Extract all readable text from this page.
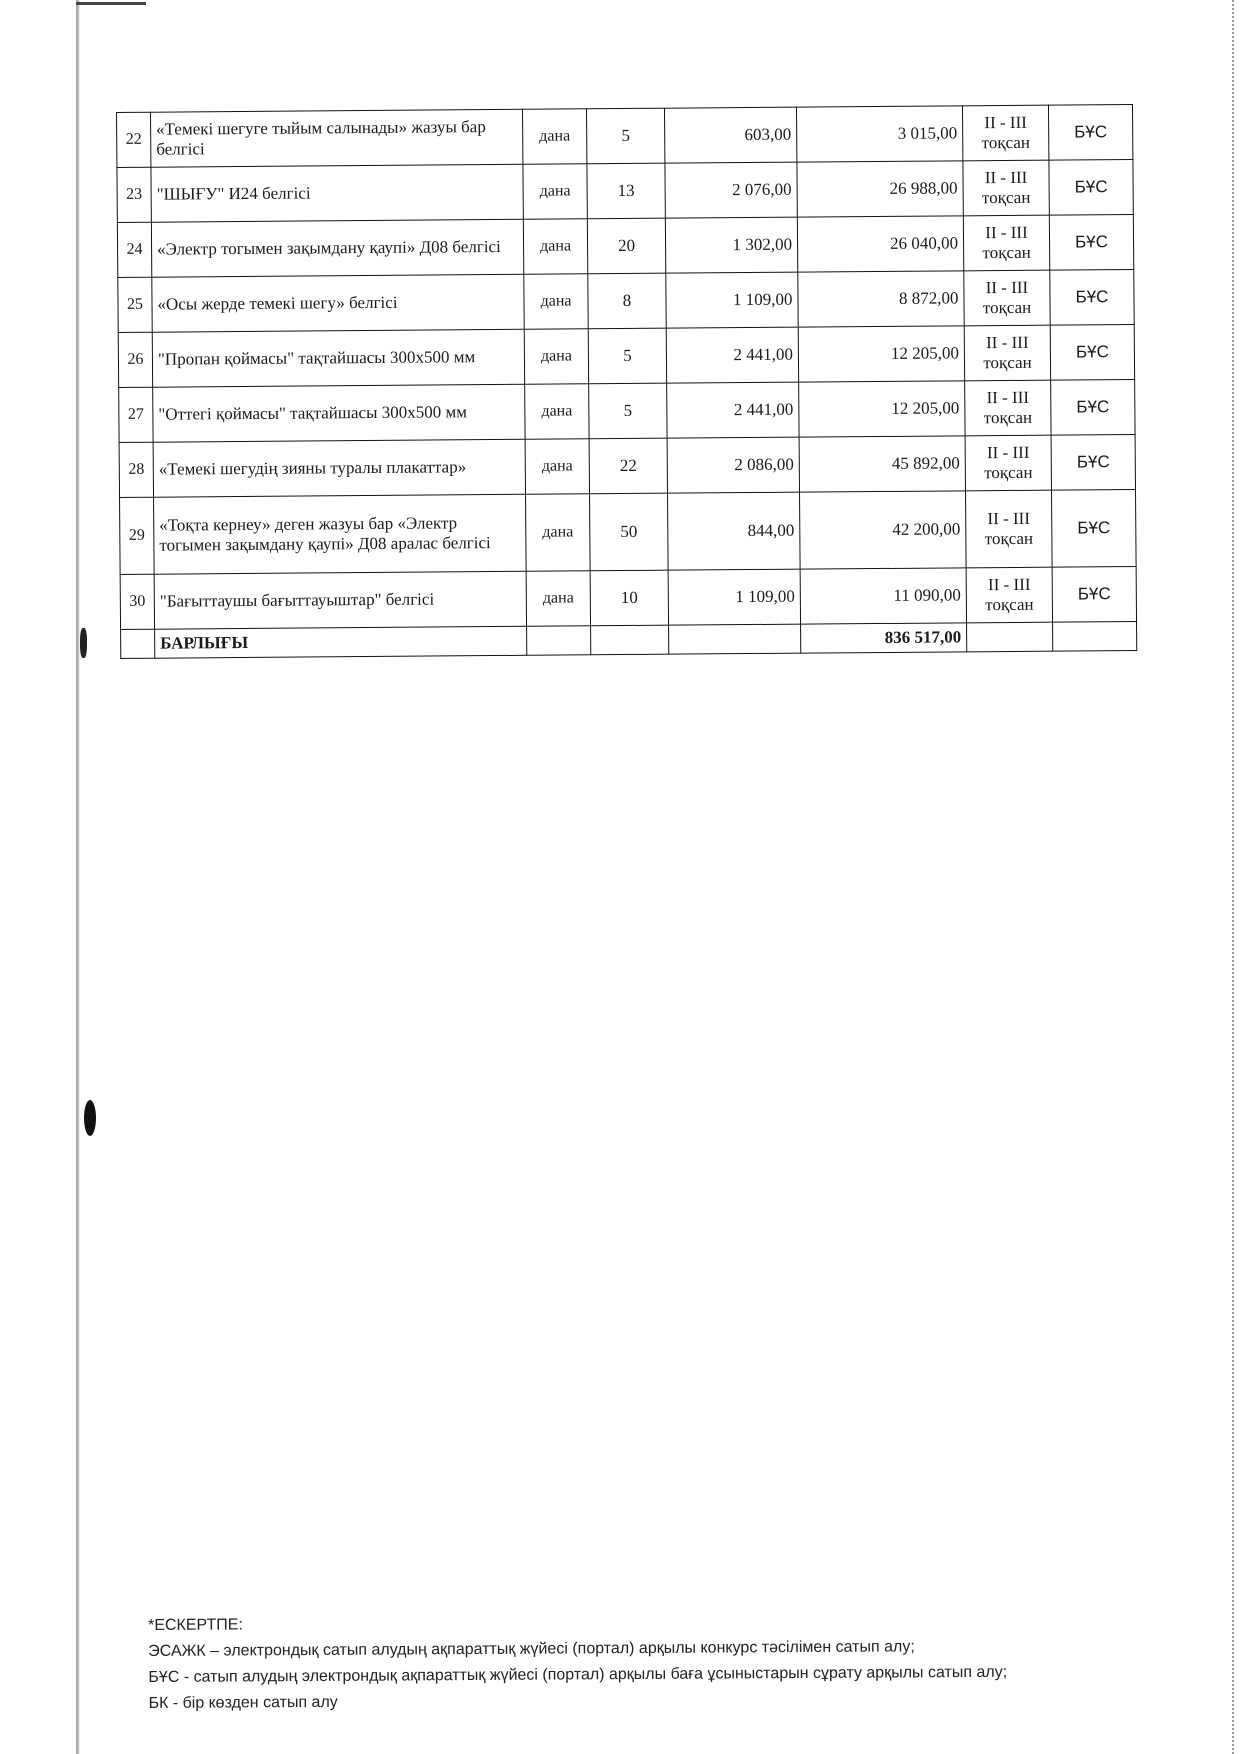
22	«Темекі шегуге тыйым салынады» жазуы бар белгісі	дана	5	603,00	3 015,00	II - III тоқсан	БҰС
23	"ШЫҒУ" И24 белгісі	дана	13	2 076,00	26 988,00	II - III тоқсан	БҰС
24	«Электр тогымен зақымдану қаупі» Д08 белгісі	дана	20	1 302,00	26 040,00	II - III тоқсан	БҰС
25	«Осы жерде темекі шегу» белгісі	дана	8	1 109,00	8 872,00	II - III тоқсан	БҰС
26	"Пропан қоймасы" тақтайшасы 300х500 мм	дана	5	2 441,00	12 205,00	II - III тоқсан	БҰС
27	"Оттегі қоймасы" тақтайшасы 300х500 мм	дана	5	2 441,00	12 205,00	II - III тоқсан	БҰС
28	«Темекі шегудің зияны туралы плакаттар»	дана	22	2 086,00	45 892,00	II - III тоқсан	БҰС
29	«Тоқта кернеу» деген жазуы бар «Электр тогымен зақымдану қаупі» Д08 аралас белгісі	дана	50	844,00	42 200,00	II - III тоқсан	БҰС
30	"Бағыттаушы бағыттауыштар" белгісі	дана	10	1 109,00	11 090,00	II - III тоқсан	БҰС
	БАРЛЫҒЫ				836 517,00		

*ЕСКЕРТПЕ:

ЭСАЖК – электрондық сатып алудың ақпараттық жүйесі (портал) арқылы конкурс тәсілімен сатып алу;

БҰС - сатып алудың электрондық ақпараттық жүйесі (портал) арқылы баға ұсыныстарын сұрату арқылы сатып алу;

БК - бір көзден сатып алу
